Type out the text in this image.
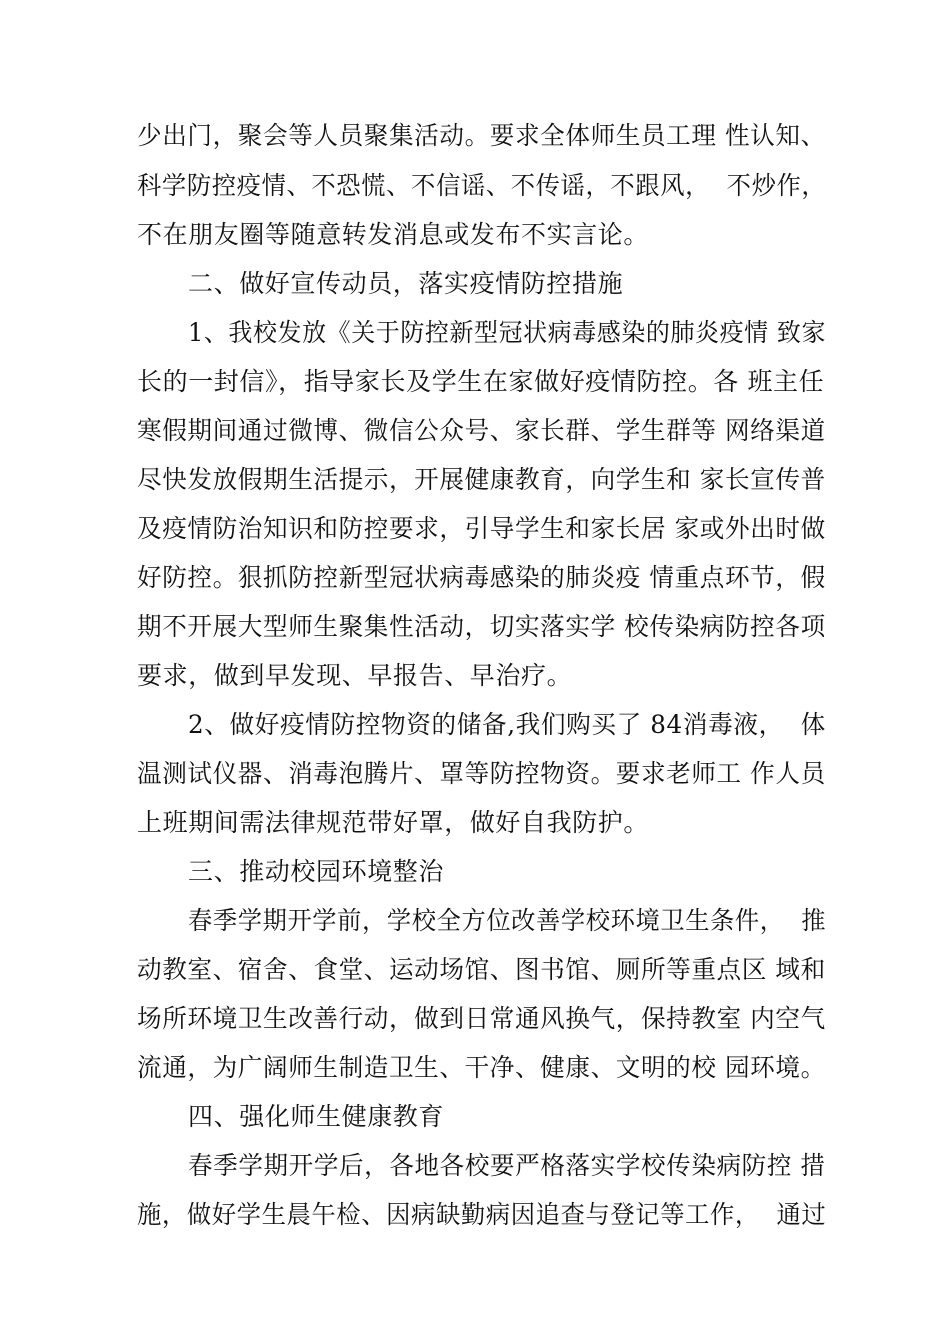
少出门，聚会等人员聚集活动。要求全体师生员工理 性认知、

科学防控疫情、不恐慌、不信谣、不传谣，不跟风，  不炒作，

不在朋友圈等随意转发消息或发布不实言论。

二、做好宣传动员，落实疫情防控措施

1、我校发放《关于防控新型冠状病毒感染的肺炎疫情 致家

长的一封信》，指导家长及学生在家做好疫情防控。各 班主任

寒假期间通过微博、微信公众号、家长群、学生群等 网络渠道

尽快发放假期生活提示，开展健康教育，向学生和 家长宣传普

及疫情防治知识和防控要求，引导学生和家长居 家或外出时做

好防控。狠抓防控新型冠状病毒感染的肺炎疫 情重点环节，假

期不开展大型师生聚集性活动，切实落实学 校传染病防控各项

要求，做到早发现、早报告、早治疗。

2、做好疫情防控物资的储备,我们购买了 84消毒液，  体

温测试仪器、消毒泡腾片、罩等防控物资。要求老师工 作人员

上班期间需法律规范带好罩，做好自我防护。

三、推动校园环境整治

春季学期开学前，学校全方位改善学校环境卫生条件，  推

动教室、宿舍、食堂、运动场馆、图书馆、厕所等重点区 域和

场所环境卫生改善行动，做到日常通风换气，保持教室 内空气

流通，为广阔师生制造卫生、干净、健康、文明的校 园环境。

四、强化师生健康教育

春季学期开学后，各地各校要严格落实学校传染病防控 措

施，做好学生晨午检、因病缺勤病因追查与登记等工作，  通过
